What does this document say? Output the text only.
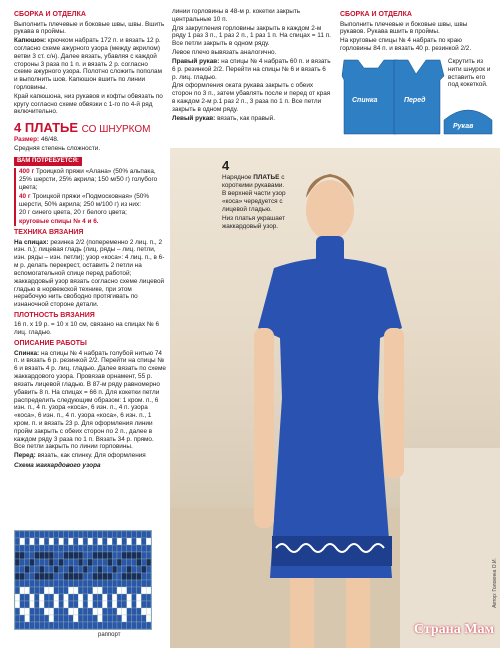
СБОРКА И ОТДЕЛКА

Выполнить плечевые и боковые швы, швы. Вшить рукава в проймы.

Капюшон: крючком набрать 172 п. и вязать 12 р. согласно схеме ажурного узора (между акрилом) ветви 3 ст. с/н). Далее вязать, убавляя с каждой стороны 3 раза по 1 п. и вязать 2 р. согласно схеме ажурного узора. Полотно сложить пополам и выполнить шов. Капюшон вшить по линии горловины.

Край капюшона, низ рукавов и кофты обвязать по кругу согласно схеме обвязки с 1-го по 4-й ряд включительно.

4 ПЛАТЬЕ СО ШНУРКОМ

Размер: 46/48.

Средняя степень сложности.

ВАМ ПОТРЕБУЕТСЯ:

400 г Троицкой пряжи «Алана» (50% альпака, 25% шерсти, 25% акрила; 150 м/50 г) голубого цвета;

40 г Троицкой пряжи «Подмосковная» (50% шерсти, 50% акрила; 250 м/100 г) из них:

20 г синего цвета, 20 г белого цвета;

круговые спицы № 4 и 6.

ТЕХНИКА ВЯЗАНИЯ

На спицах: резинка 2/2 (попеременно 2 лиц. п., 2 изн. п.); лицевая гладь (лиц. ряды – лиц. петли, изн. ряды – изн. петли); узор «коса»: 4 лиц. п., в 6-м р. делать перекрест, оставить 2 петли на вспомогательной спице перед работой; жаккардовый узор вязать согласно схеме лицевой гладью в норвежской технике, при этом нерабочую нить свободно протягивать по изнаночной стороне детали.

ПЛОТНОСТЬ ВЯЗАНИЯ

16 п. x 19 р. = 10 x 10 см, связано на спицах № 6 лиц. гладью.

ОПИСАНИЕ РАБОТЫ

Спинка: на спицы № 4 набрать голубой нитью 74 п. и вязать 6 р. резинкой 2/2. Перейти на спицы № 6 и вязать 4 р. лиц. гладью. Далее вязать по схеме жаккардового узора. Провязав орнамент, 55 р. вязать лицевой гладью. В 87-м ряду равномерно убавить 8 п. На спицах = 66 п. Для кокетки петли распределить следующим образом: 1 кром. п., 6 изн. п., 4 п. узора «коса», 6 изн. п., 4 п. узора «коса», 6 изн. п., 4 п. узора «коса», 6 изн. п., 1 кром. п. и вязать 23 р. Для оформления линии пройм закрыть с обеих сторон по 2 п., далее в каждом ряду 3 раза по 1 п. Вязать 34 р. прямо. Все петли закрыть по линии горловины.

Перед: вязать, как спинку. Для оформления

Схема жаккардового узора

раппорт

линии горловины в 48-м р. кокетки закрыть центральные 10 п.

Для закругления горловины закрыть в каждом 2-м ряду 1 раз 3 п., 1 раз 2 п., 1 раз 1 п. На спицах = 11 п. Все петли закрыть в одном ряду.

Левое плечо вывязать аналогично.

Правый рукав: на спицы № 4 набрать 60 п. и вязать 6 р. резинкой 2/2. Перейти на спицы № 6 и вязать 6 р. лиц. гладью.

Для оформления окатa рукава закрыть с обеих сторон по 3 п., затем убавлять после и перед от края в каждом 2-м р.1 раз 2 п., 3 раза по 1 п. Все петли закрыть в одном ряду.

Левый рукав: вязать, как правый.

СБОРКА И ОТДЕЛКА

Выполнить плечевые и боковые швы, швы рукавов. Рукава вшить в проймы.

На круговые спицы № 4 набрать по краю горловины 84 п. и вязать 40 р. резинкой 2/2.

Скрутить из нити шнурок и вставить его под кокеткой.
Спинка	Перед
Рукав
4

Нарядное ПЛАТЬЕ с короткими рукавами.

В верхней части узор «коса» чередуется с лицевой гладью.

Низ платья украшает жаккардовый узор.

Автор: Головина О.И.
Страна Мам
